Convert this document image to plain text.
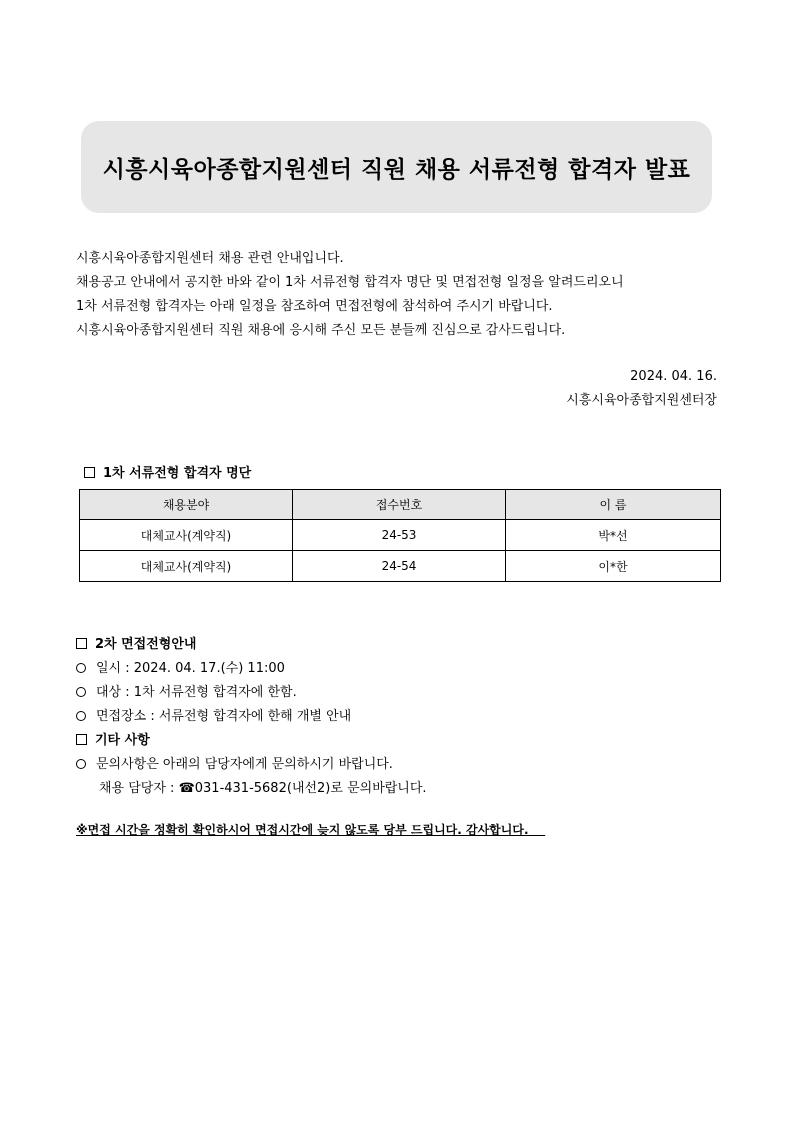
시흥시육아종합지원센터 직원 채용 서류전형 합격자 발표

시흥시육아종합지원센터 채용 관련 안내입니다.

채용공고 안내에서 공지한 바와 같이 1차 서류전형 합격자 명단 및 면접전형 일정을 알려드리오니

1차 서류전형 합격자는 아래 일정을 참조하여 면접전형에 참석하여 주시기 바랍니다.

시흥시육아종합지원센터 직원 채용에 응시해 주신 모든 분들께 진심으로 감사드립니다.

2024. 04. 16.
시흥시육아종합지원센터장
1차 서류전형 합격자 명단
채용분야	접수번호	이 름
대체교사(계약직)	24-53	박*선
대체교사(계약직)	24-54	이*한
2차 면접전형안내
일시 : 2024. 04. 17.(수) 11:00
대상 : 1차 서류전형 합격자에 한함.
면접장소 : 서류전형 합격자에 한해 개별 안내
기타 사항
문의사항은 아래의 담당자에게 문의하시기 바랍니다.
채용 담당자 : ☎031-431-5682(내선2)로 문의바랍니다.
※면접 시간을 정확히 확인하시어 면접시간에 늦지 않도록 당부 드립니다. 감사합니다.
